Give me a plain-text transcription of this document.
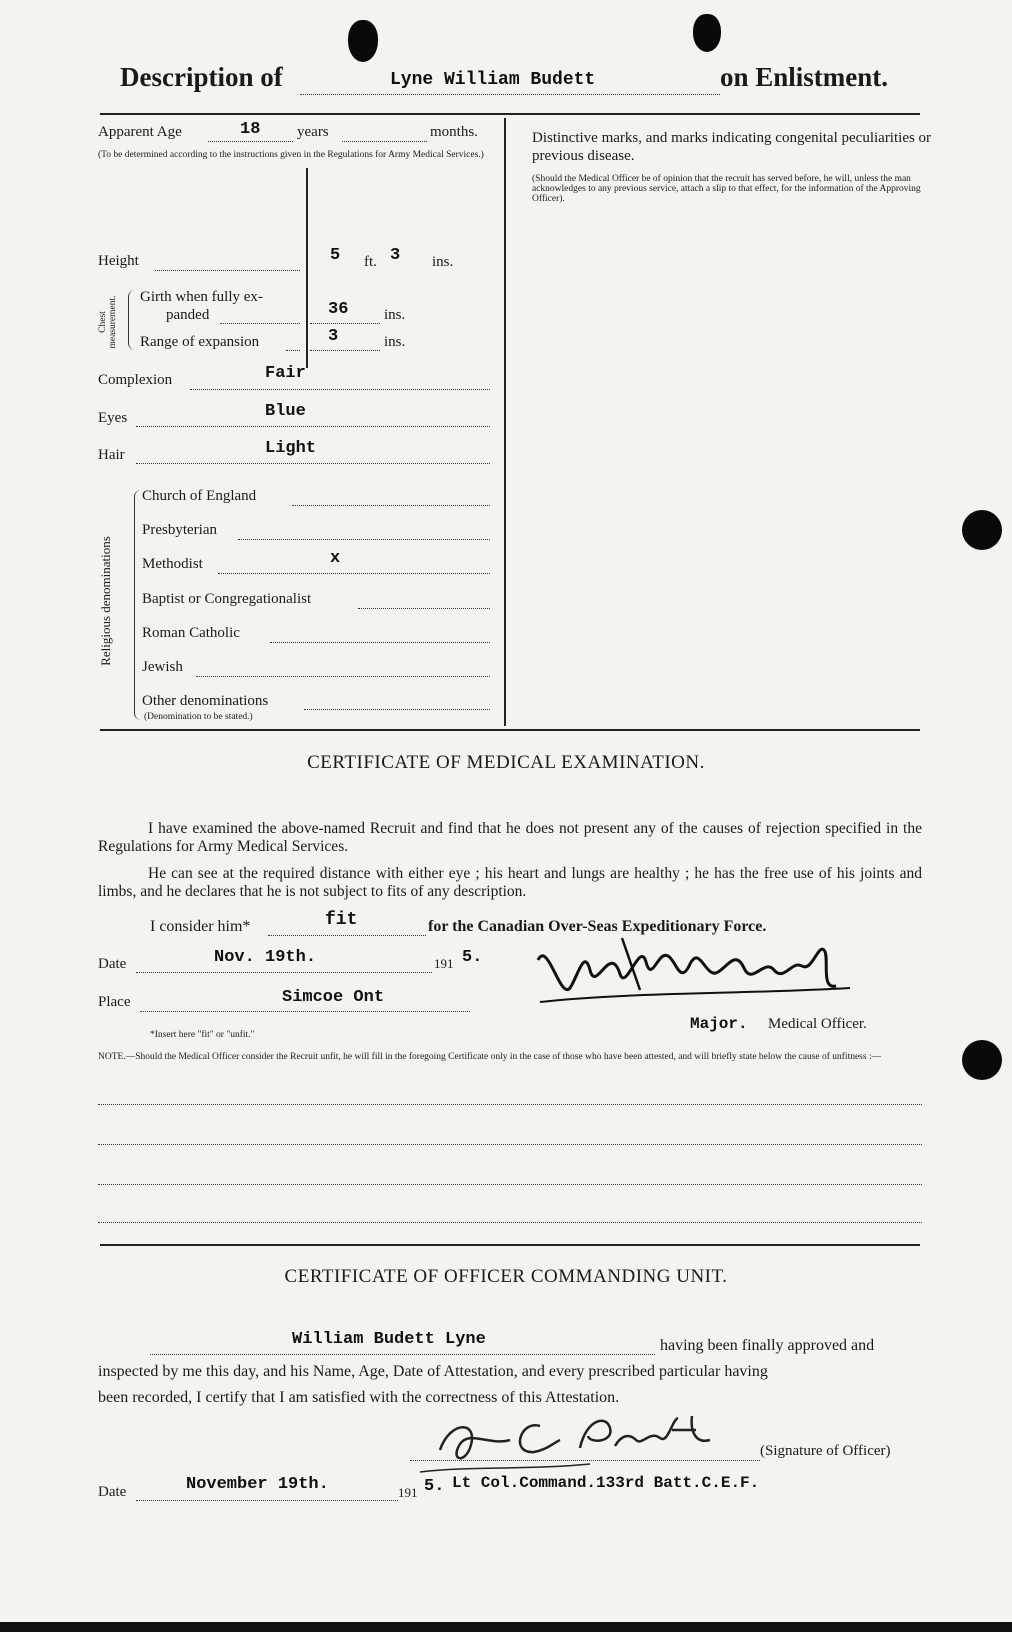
Description of	Lyne William Budett	on Enlistment.
Apparent Age	18 years	months.
(To be determined according to the instructions given in the Regulations for Army Medical Services.)
Height	5 ft. 3 ins.
Chest measurement. Girth when fully ex-
panded	36 ins.
Range of expansion	3	ins.
Complexion	Fair
Eyes	Blue
Hair	Light
Religious denominations
Church of England
Presbyterian
Methodist	x
Baptist or Congregationalist
Roman Catholic
Jewish
Other denominations
(Denomination to be stated.)
Distinctive marks, and marks indicating congenital peculiarities or previous disease.
(Should the Medical Officer be of opinion that the recruit has served before, he will, unless the man acknowledges to any previous service, attach a slip to that effect, for the information of the Approving Officer).
CERTIFICATE OF MEDICAL EXAMINATION.
I have examined the above-named Recruit and find that he does not present any of the causes of rejection specified in the Regulations for Army Medical Services.
He can see at the required distance with either eye ; his heart and lungs are healthy ; he has the free use of his joints and limbs, and he declares that he is not subject to fits of any description.
I consider him*	fit	for the Canadian Over-Seas Expeditionary Force.
Date	Nov. 19th.	191 5.
Place	Simcoe Ont
Major. Medical Officer.
*Insert here "fit" or "unfit."
NOTE.—Should the Medical Officer consider the Recruit unfit, he will fill in the foregoing Certificate only in the case of those who have been attested, and will briefly state below the cause of unfitness :—
CERTIFICATE OF OFFICER COMMANDING UNIT.
William Budett Lyne	having been finally approved and
inspected by me this day, and his Name, Age, Date of Attestation, and every prescribed particular having
been recorded, I certify that I am satisfied with the correctness of this Attestation.
(Signature of Officer)
Date	November 19th.	191 5. Lt Col.Command.133rd Batt.C.E.F.
